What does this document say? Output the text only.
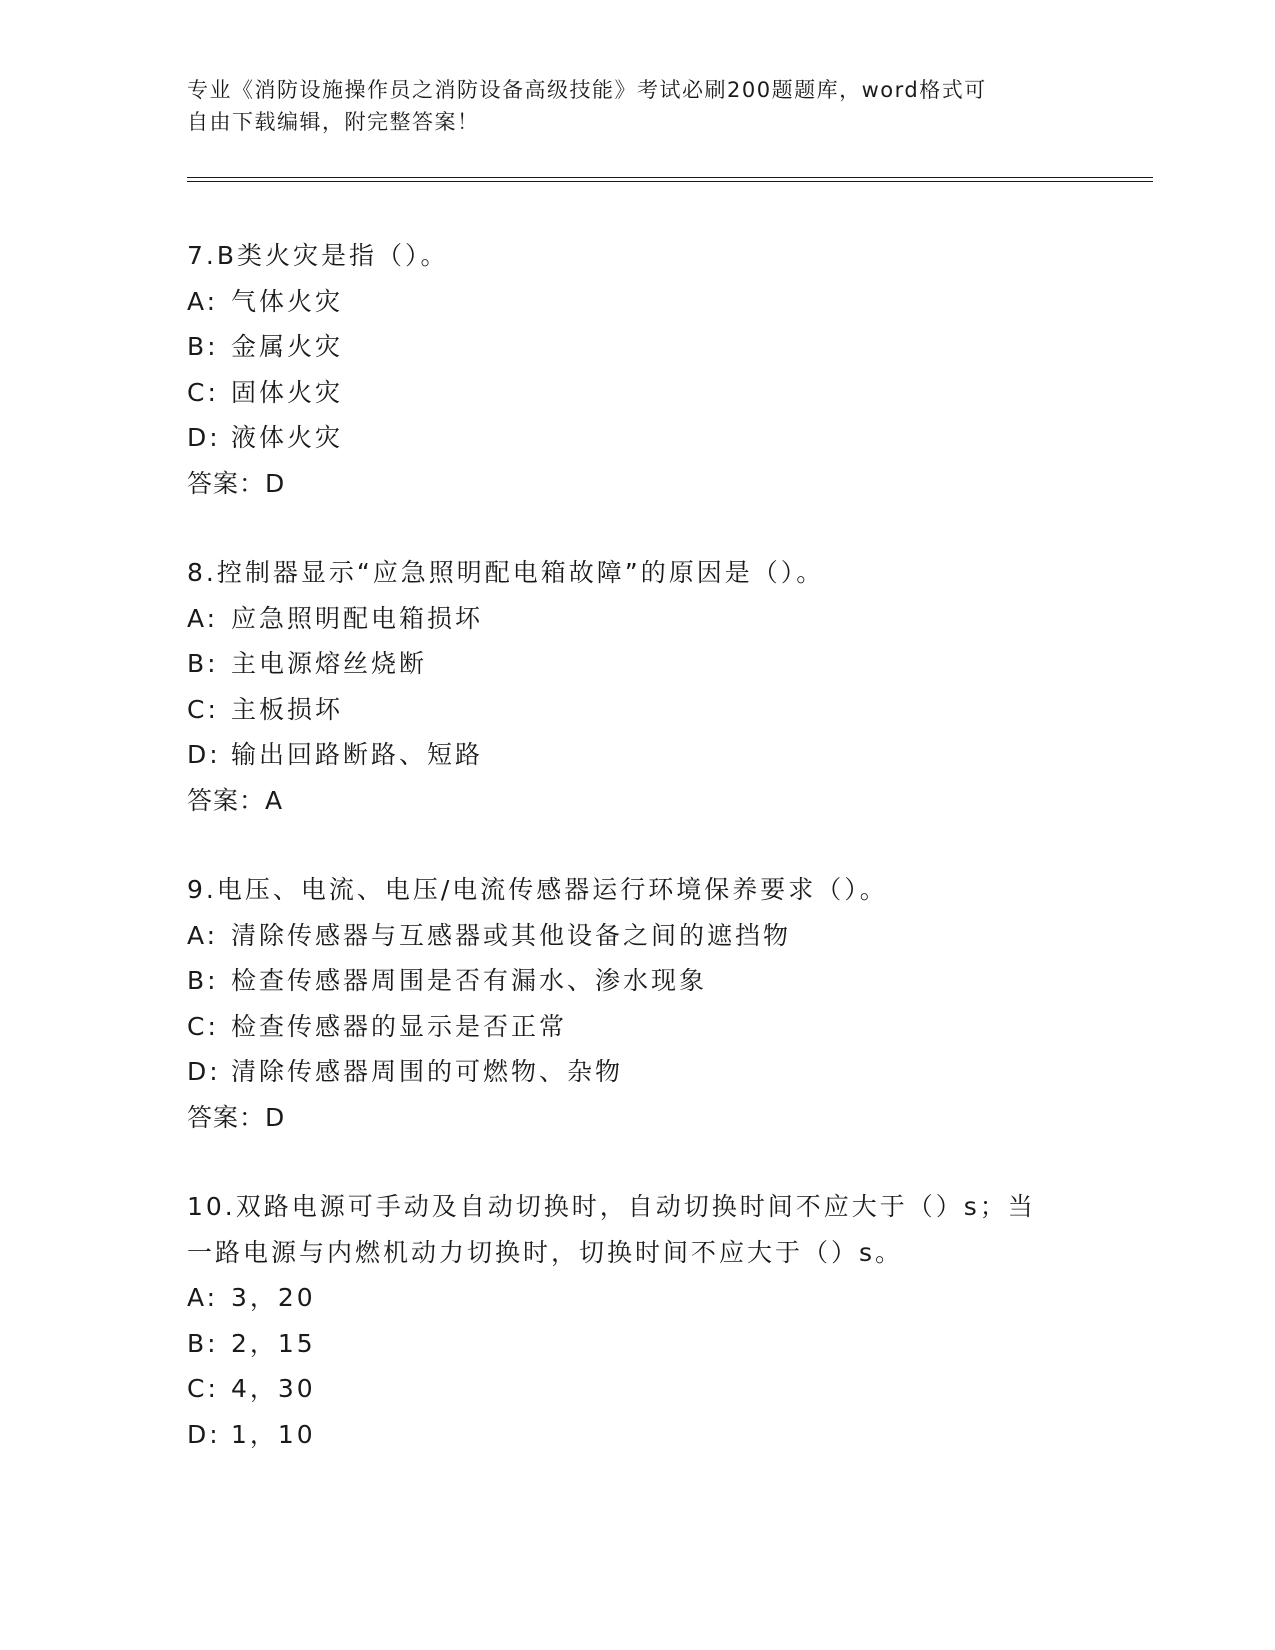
专业《消防设施操作员之消防设备高级技能》考试必刷200题题库，word格式可
自由下载编辑，附完整答案！
7.B类火灾是指（）。
A: 气体火灾
B: 金属火灾
C: 固体火灾
D: 液体火灾
答案：D
8.控制器显示“应急照明配电箱故障”的原因是（）。
A: 应急照明配电箱损坏
B: 主电源熔丝烧断
C: 主板损坏
D: 输出回路断路、短路
答案：A
9.电压、电流、电压/电流传感器运行环境保养要求（）。
A: 清除传感器与互感器或其他设备之间的遮挡物
B: 检查传感器周围是否有漏水、渗水现象
C: 检查传感器的显示是否正常
D: 清除传感器周围的可燃物、杂物
答案：D
10.双路电源可手动及自动切换时，自动切换时间不应大于（）s；当
一路电源与内燃机动力切换时，切换时间不应大于（）s。
A: 3，20
B: 2，15
C: 4，30
D: 1，10
